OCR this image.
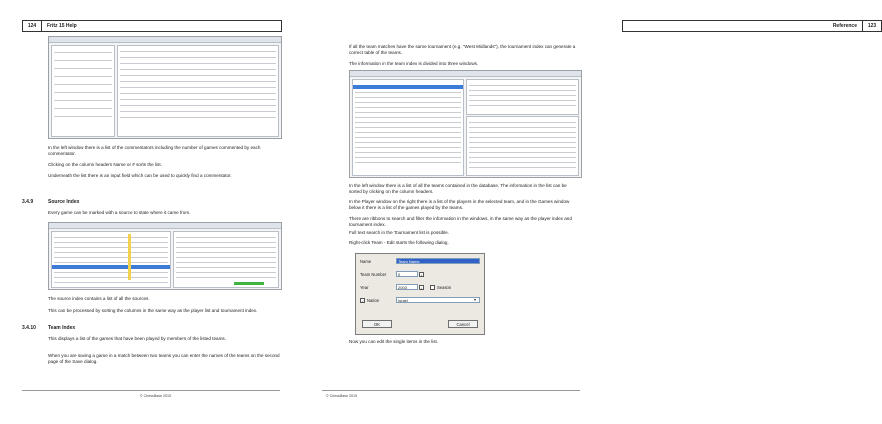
124	Fritz 15 Help
In the left window there is a list of the commentators including the number of games commented by each commentator.
Clicking on the column headers Name or # sorts the list.
Underneath the list there is an input field which can be used to quickly find a commentator.
3.4.9	Source Index
Every game can be marked with a source to state where it came from.
The source index contains a list of all the sources.
This can be processed by sorting the columns in the same way as the player list and tournament index.
3.4.10 Team Index
This displays a list of the games that have been played by members of the listed teams.
When you are saving a game in a match between two teams you can enter the names of the teams on the second page of the Save dialog.
© ChessBase 2015
Reference	123
If all the team matches have the same tournament (e.g. "West Midlands"), the tournament index can generate a correct table of the teams.
The information in the team index is divided into three windows.
In the left window there is a list of all the teams contained in the database. The information in the list can be sorted by clicking on the column headers.
In the Player window on the right there is a list of the players in the selected team, and in the Games window below it there is a list of the games played by the teams.
There are ribbons to search and filter the information in the windows, in the same way as the player index and tournament index.
Full text search in the Tournament list is possible.
Right-click Team - Edit starts the following dialog.
Name	Team Name
Team Number	0	↕
Year	2003	↕	Season
✓ Nation	Israel	▾
OK	Cancel
Now you can edit the single items in the list.
© ChessBase 2015
